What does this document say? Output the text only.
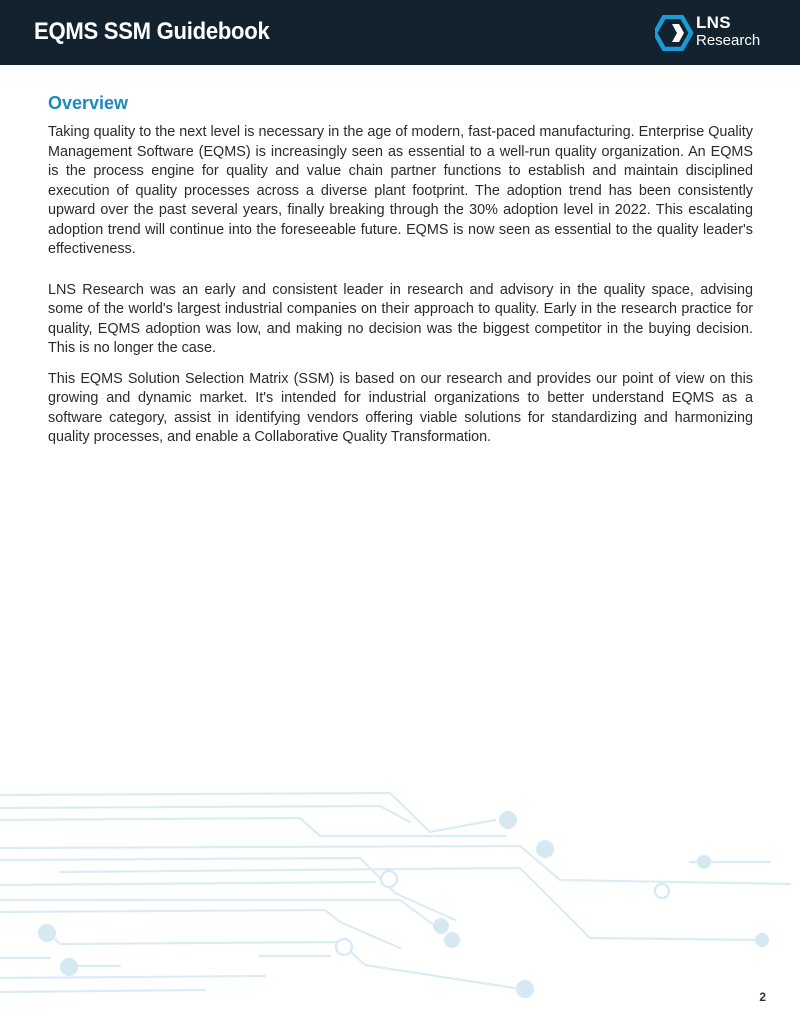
EQMS SSM Guidebook	LNS
Research
Overview

Taking quality to the next level is necessary in the age of modern, fast-paced manufacturing. Enterprise Quality Management Software (EQMS) is increasingly seen as essential to a well-run quality organization. An EQMS is the process engine for quality and value chain partner functions to establish and maintain disciplined execution of quality processes across a diverse plant footprint. The adoption trend has been consistently upward over the past several years, finally breaking through the 30% adoption level in 2022. This escalating adoption trend will continue into the foreseeable future. EQMS is now seen as essential to the quality leader's effectiveness.

LNS Research was an early and consistent leader in research and advisory in the quality space, advising some of the world's largest industrial companies on their approach to quality. Early in the research practice for quality, EQMS adoption was low, and making no decision was the biggest competitor in the buying decision. This is no longer the case.

This EQMS Solution Selection Matrix (SSM) is based on our research and provides our point of view on this growing and dynamic market. It's intended for industrial organizations to better understand EQMS as a software category, assist in identifying vendors offering viable solutions for standardizing and harmonizing quality processes, and enable a Collaborative Quality Transformation.

2
